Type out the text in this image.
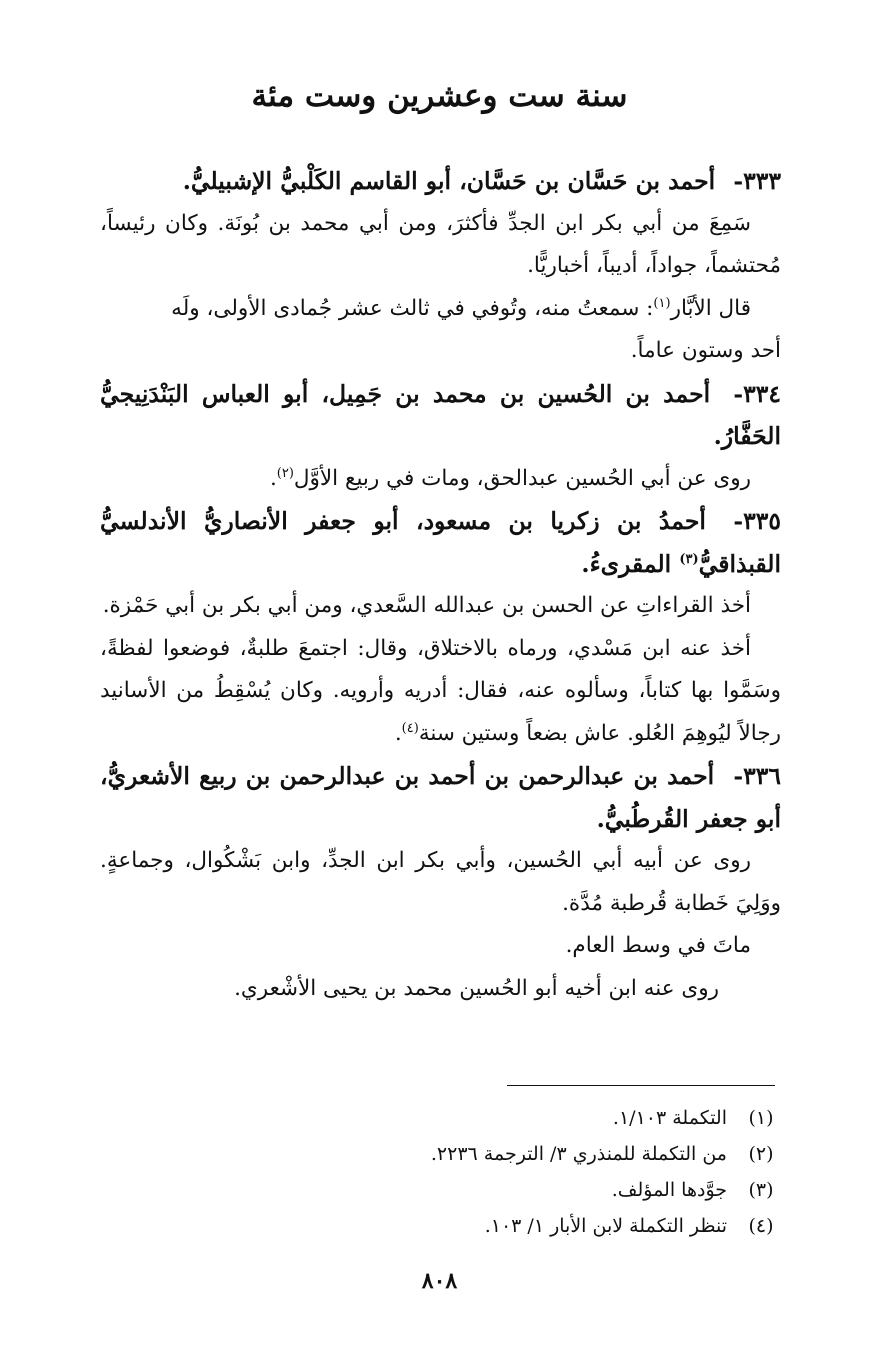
سنة ست وعشرين وست مئة

٣٣٣- أحمد بن حَسَّان بن حَسَّان، أبو القاسم الكَلْبيُّ الإشبيليُّ.

سَمِعَ من أبي بكر ابن الجدِّ فأكثرَ، ومن أبي محمد بن بُونَة. وكان رئيساً، مُحتشماً، جواداً، أديباً، أخباريًّا.

قال الأبَّار$^{(١)}$: سمعتُ منه، وتُوفي في ثالث عشر جُمادى الأولى، ولَه

أحد وستون عاماً.

٣٣٤- أحمد بن الحُسين بن محمد بن جَمِيل، أبو العباس البَنْدَنِيجيُّ الحَفَّارُ.

روى عن أبي الحُسين عبدالحق، ومات في ربيع الأوَّل$^{(٢)}$.

٣٣٥- أحمدُ بن زكريا بن مسعود، أبو جعفر الأنصاريُّ الأندلسيُّ القبذاقيُّ$^{(٣)}$ المقرىءُ.

أخذ القراءاتِ عن الحسن بن عبدالله السَّعدي، ومن أبي بكر بن أبي حَمْزة.

أخذ عنه ابن مَسْدي، ورماه بالاختلاق، وقال: اجتمعَ طلبةٌ، فوضعوا لفظةً، وسَمَّوا بها كتاباً، وسألوه عنه، فقال: أدريه وأرويه. وكان يُسْقِطُ من الأسانيد رجالاً ليُوهِمَ العُلو. عاش بضعاً وستين سنة$^{(٤)}$.

٣٣٦- أحمد بن عبدالرحمن بن أحمد بن عبدالرحمن بن ربيع الأشعريُّ، أبو جعفر القُرطُبيُّ.

روى عن أبيه أبي الحُسين، وأبي بكر ابن الجدِّ، وابن بَشْكُوال، وجماعةٍ. ووَلِيَ خَطابة قُرطبة مُدَّة.

ماتَ في وسط العام.

روى عنه ابن أخيه أبو الحُسين محمد بن يحيى الأشْعري.

(١)
التكملة ١/١٠٣.
(٢)
من التكملة للمنذري ٣/ الترجمة ٢٢٣٦.
(٣)
جوَّدها المؤلف.
(٤)
تنظر التكملة لابن الأبار ١/ ١٠٣.
٨٠٨
